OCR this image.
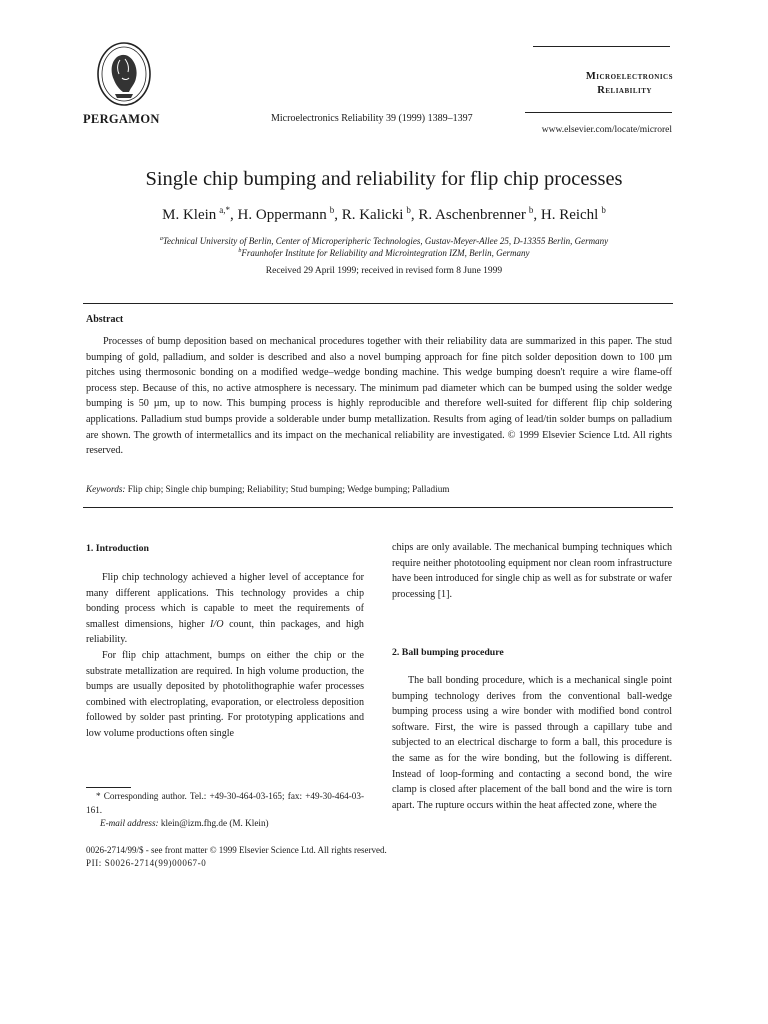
PERGAMON	Microelectronics Reliability 39 (1999) 1389–1397
Microelectronics
Reliability
www.elsevier.com/locate/microrel
Single chip bumping and reliability for flip chip processes
M. Klein $^{a,*}$, H. Oppermann $^b$, R. Kalicki $^b$, R. Aschenbrenner $^b$, H. Reichl $^b$
$^a$Technical University of Berlin, Center of Microperipheric Technologies, Gustav-Meyer-Allee 25, D-13355 Berlin, Germany
$^b$Fraunhofer Institute for Reliability and Microintegration IZM, Berlin, Germany
Received 29 April 1999; received in revised form 8 June 1999
Abstract
Processes of bump deposition based on mechanical procedures together with their reliability data are summarized in this paper. The stud bumping of gold, palladium, and solder is described and also a novel bumping approach for fine pitch solder deposition down to 100 µm pitches using thermosonic bonding on a modified wedge–wedge bonding machine. This wedge bumping doesn't require a wire flame-off process step. Because of this, no active atmosphere is necessary. The minimum pad diameter which can be bumped using the solder wedge bumping is 50 µm, up to now. This bumping process is highly reproducible and therefore well-suited for different flip chip soldering applications. Palladium stud bumps provide a solderable under bump metallization. Results from aging of lead/tin solder bumps on palladium are shown. The growth of intermetallics and its impact on the mechanical reliability are investigated. © 1999 Elsevier Science Ltd. All rights reserved.
Keywords: Flip chip; Single chip bumping; Reliability; Stud bumping; Wedge bumping; Palladium
1. Introduction

Flip chip technology achieved a higher level of acceptance for many different applications. This technology provides a chip bonding process which is capable to meet the requirements of smallest dimensions, higher I/O count, thin packages, and high reliability.

For flip chip attachment, bumps on either the chip or the substrate metallization are required. In high volume production, the bumps are usually deposited by photolithographie wafer processes combined with electroplating, evaporation, or electroless deposition followed by solder past printing. For prototyping applications and low volume productions often single

* Corresponding author. Tel.: +49-30-464-03-165; fax: +49-30-464-03-161.
E-mail address: klein@izm.fhg.de (M. Klein)

chips are only available. The mechanical bumping techniques which require neither phototooling equipment nor clean room infrastructure have been introduced for single chip as well as for substrate or wafer processing [1].

2. Ball bumping procedure

The ball bonding procedure, which is a mechanical single point bumping technology derives from the conventional ball-wedge bumping process using a wire bonder with modified bond control software. First, the wire is passed through a capillary tube and subjected to an electrical discharge to form a ball, this procedure is the same as for the wire bonding, but the following is different. Instead of loop-forming and contacting a second bond, the wire clamp is closed after placement of the ball bond and the wire is torn apart. The rupture occurs within the heat affected zone, where the

0026-2714/99/$ - see front matter © 1999 Elsevier Science Ltd. All rights reserved.
PII: S0026-2714(99)00067-0
